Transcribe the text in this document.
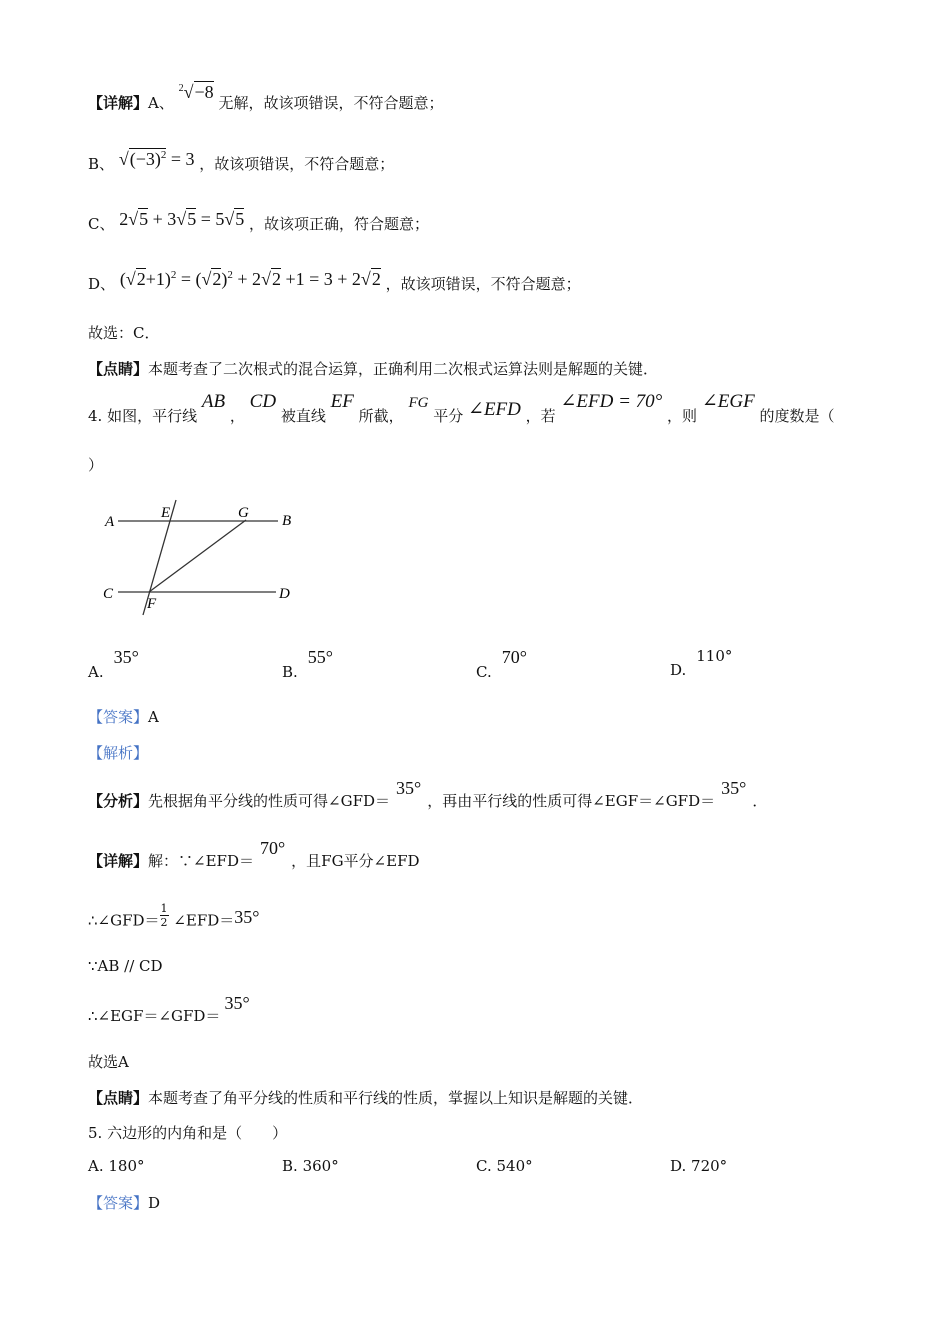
【详解】A、 $^2$√−8 无解，故该项错误，不符合题意；
B、 $√(-3)^2 = 3$ ，故该项错误，不符合题意；
C、 2√5 + 3√5 = 5√5 ，故该项正确，符合题意；
D、 $(√2+1)^2 = (√2)^2 + 2√2 +1 = 3 + 2√2$ ，故该项错误，不符合题意；
故选：C．
【点睛】本题考查了二次根式的混合运算，正确利用二次根式运算法则是解题的关键．
4. 如图，平行线 AB ， CD 被直线 EF 所截， FG 平分 ∠EFD ，若 ∠EFD = 70° ，则 ∠EGF 的度数是（
）
A
E	G B
C
F
D
A.35°
B.55°
C.70°
D.110°
【答案】A
【解析】
【分析】先根据角平分线的性质可得∠GFD＝35°，再由平行线的性质可得∠EGF＝∠GFD＝35°．
【详解】解：∵∠EFD＝70°，且FG平分∠EFD
∴∠GFD＝ $\frac{1}{2}$ ∠EFD＝35°
∵AB // CD
∴∠EGF＝∠GFD＝35°
故选A
【点睛】本题考查了角平分线的性质和平行线的性质，掌握以上知识是解题的关键．
5. 六边形的内角和是（　　）
A. 180°	B. 360°	C. 540°	D. 720°
【答案】D
